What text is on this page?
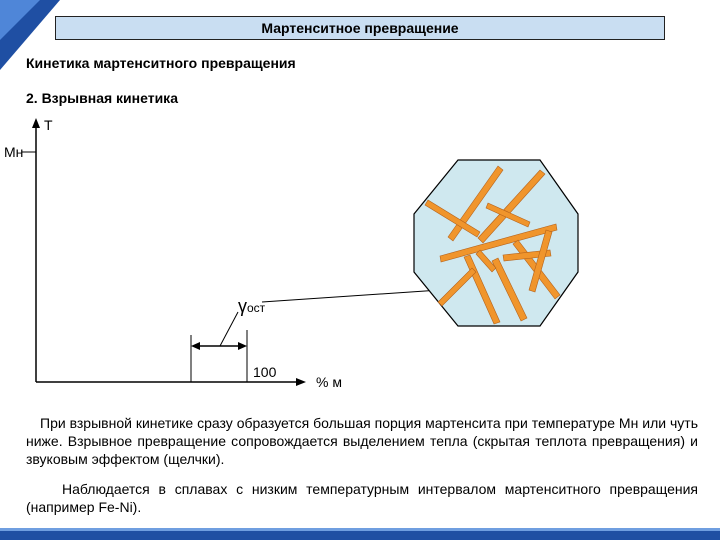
Мартенситное превращение
Кинетика мартенситного превращения
2. Взрывная кинетика
T
Мн
γост
100
% м
При взрывной кинетике сразу образуется большая порция мартенсита при температуре Мн или чуть ниже. Взрывное превращение сопровождается выделением тепла (скрытая теплота превращения) и звуковым эффектом (щелчки).
Наблюдается в сплавах с низким температурным интервалом мартенситного превращения (например Fe-Ni).
